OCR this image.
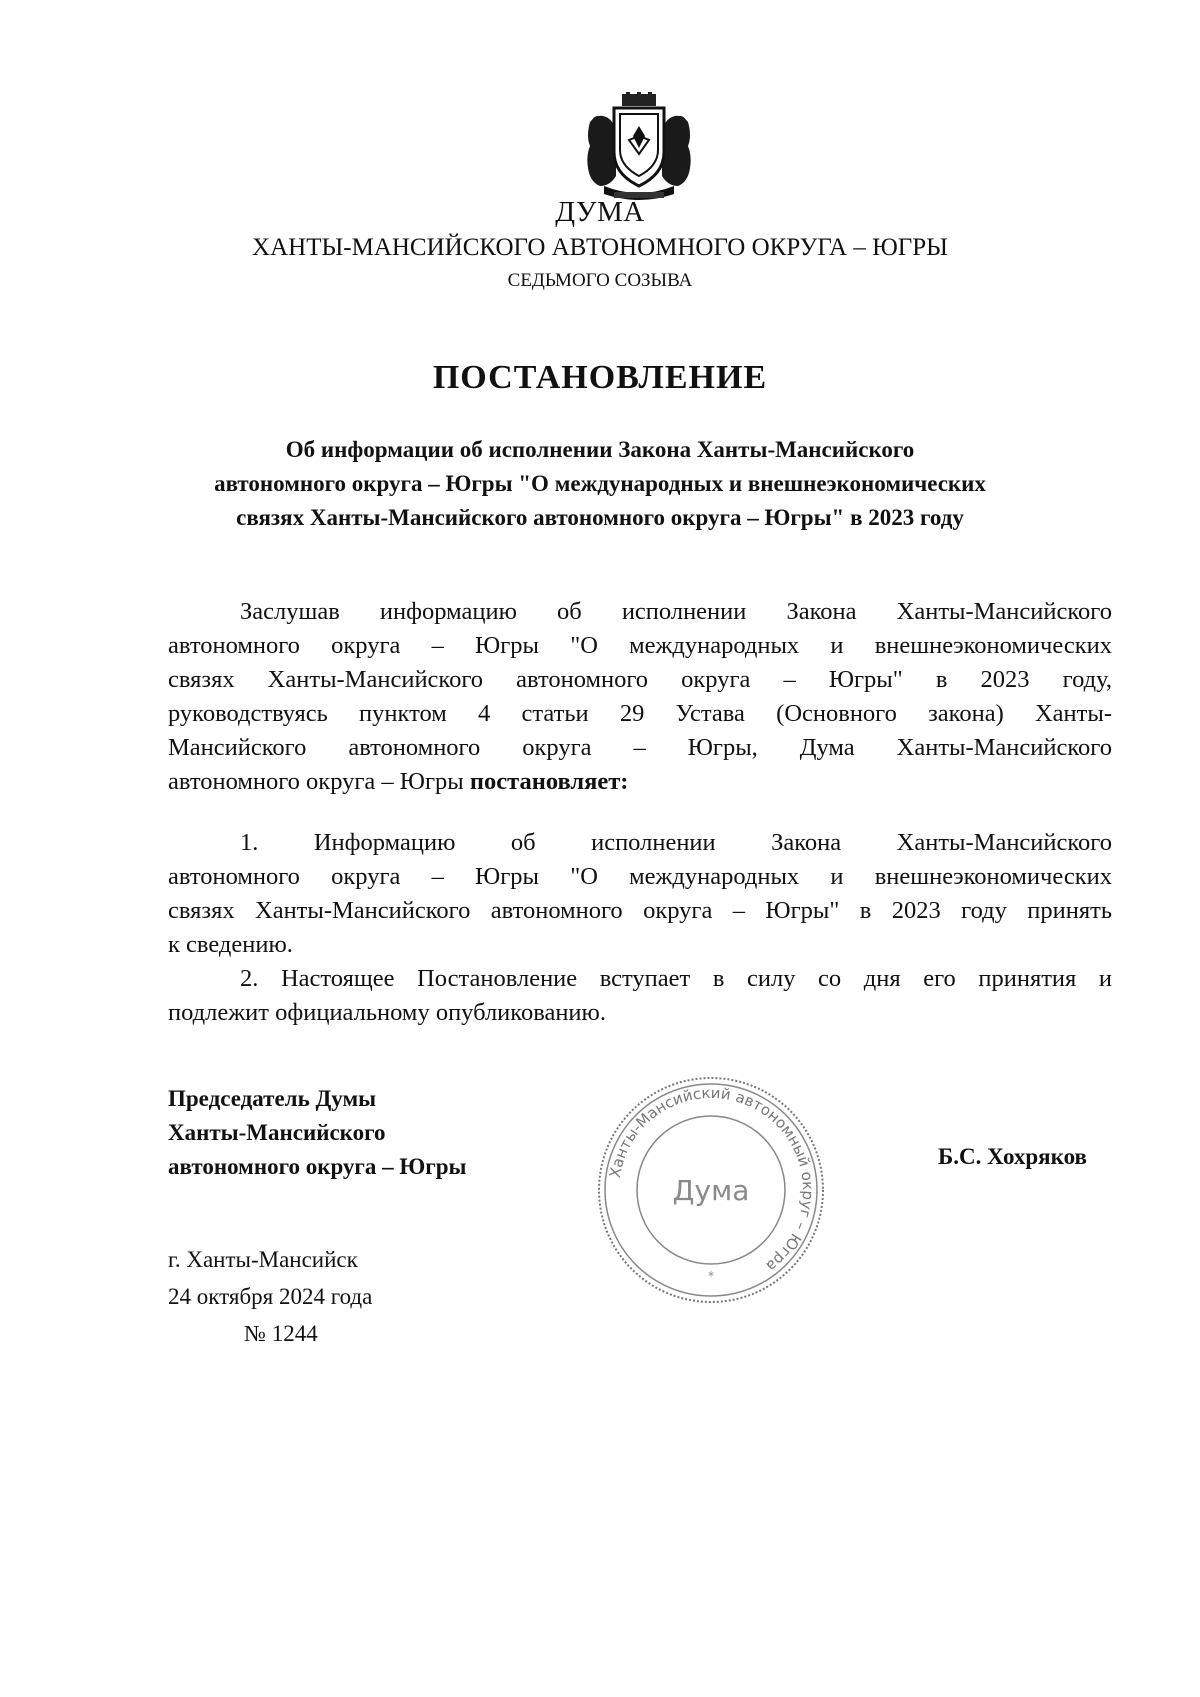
ДУМА
ХАНТЫ-МАНСИЙСКОГО АВТОНОМНОГО ОКРУГА – ЮГРЫ
СЕДЬМОГО СОЗЫВА
ПОСТАНОВЛЕНИЕ
Об информации об исполнении Закона Ханты-Мансийского
автономного округа – Югры "О международных и внешнеэкономических
связях Ханты-Мансийского автономного округа – Югры" в 2023 году
Заслушав информацию об исполнении Закона Ханты-Мансийского
автономного округа – Югры "О международных и внешнеэкономических
связях Ханты-Мансийского автономного округа – Югры" в 2023 году,
руководствуясь пунктом 4 статьи 29 Устава (Основного закона) Ханты-
Мансийского автономного округа – Югры, Дума Ханты-Мансийского
автономного округа – Югры постановляет:
1. Информацию об исполнении Закона Ханты-Мансийского
автономного округа – Югры "О международных и внешнеэкономических
связях Ханты-Мансийского автономного округа – Югры" в 2023 году принять
к сведению.
2. Настоящее Постановление вступает в силу со дня его принятия и
подлежит официальному опубликованию.
Председатель Думы
Ханты-Мансийского
автономного округа – Югры	Б.С. Хохряков
Ханты-Мансийский автономный округ – Югра
Дума
*
г. Ханты-Мансийск
24 октября 2024 года
№ 1244
